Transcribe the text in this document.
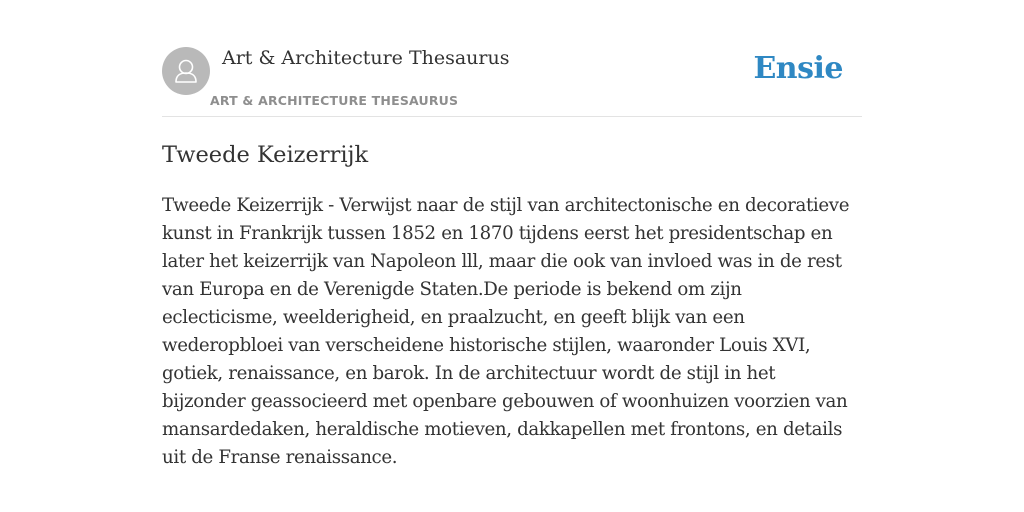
Art & Architecture Thesaurus
ART & ARCHITECTURE THESAURUS
Ensie
Tweede Keizerrijk

Tweede Keizerrijk - Verwijst naar de stijl van architectonische en decoratieve kunst in Frankrijk tussen 1852 en 1870 tijdens eerst het presidentschap en later het keizerrijk van Napoleon lll, maar die ook van invloed was in de rest van Europa en de Verenigde Staten.De periode is bekend om zijn eclecticisme, weelderigheid, en praalzucht, en geeft blijk van een wederopbloei van verscheidene historische stijlen, waaronder Louis XVI, gotiek, renaissance, en barok. In de architectuur wordt de stijl in het bijzonder geassocieerd met openbare gebouwen of woonhuizen voorzien van mansardedaken, heraldische motieven, dakkapellen met frontons, en details uit de Franse renaissance.
